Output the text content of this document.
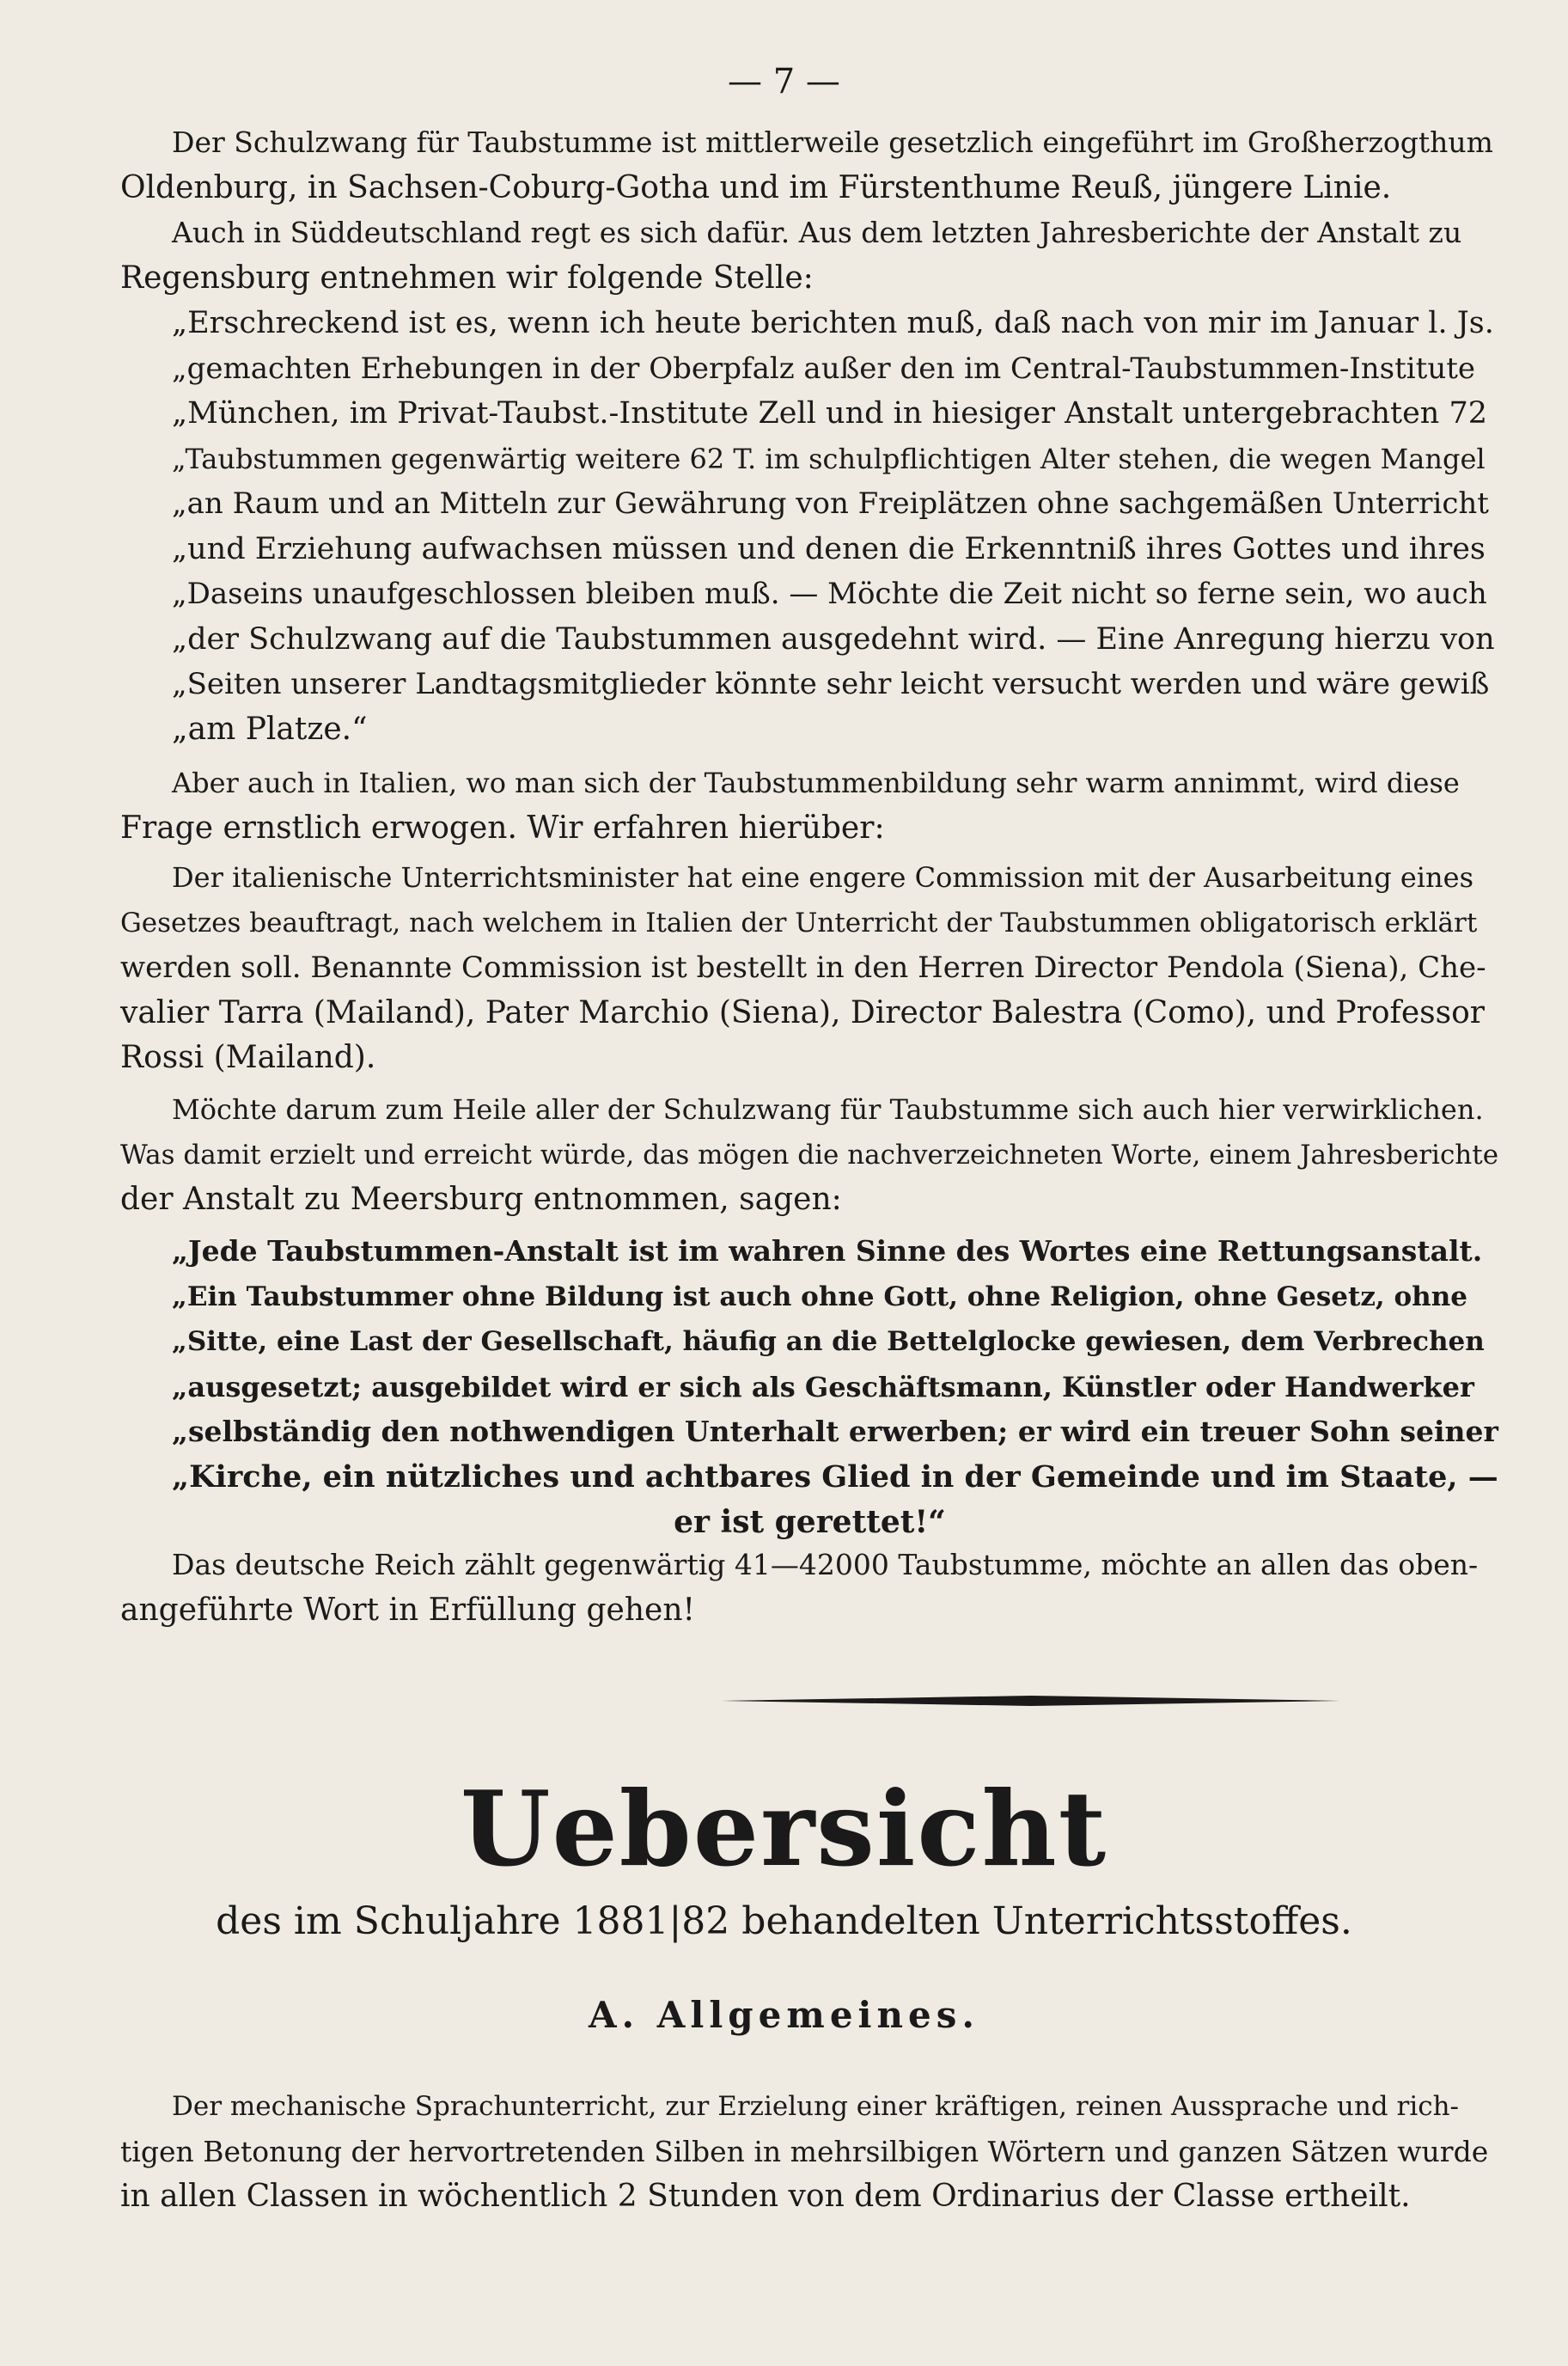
— 7 —
Der Schulzwang für Taubstumme ist mittlerweile gesetzlich eingeführt im Großherzogthum
Oldenburg, in Sachsen-Coburg-Gotha und im Fürstenthume Reuß, jüngere Linie.
Auch in Süddeutschland regt es sich dafür. Aus dem letzten Jahresberichte der Anstalt zu
Regensburg entnehmen wir folgende Stelle:
„Erschreckend ist es, wenn ich heute berichten muß, daß nach von mir im Januar l. Js.
„gemachten Erhebungen in der Oberpfalz außer den im Central-Taubstummen-Institute
„München, im Privat-Taubst.-Institute Zell und in hiesiger Anstalt untergebrachten 72
„Taubstummen gegenwärtig weitere 62 T. im schulpflichtigen Alter stehen, die wegen Mangel
„an Raum und an Mitteln zur Gewährung von Freiplätzen ohne sachgemäßen Unterricht
„und Erziehung aufwachsen müssen und denen die Erkenntniß ihres Gottes und ihres
„Daseins unaufgeschlossen bleiben muß. — Möchte die Zeit nicht so ferne sein, wo auch
„der Schulzwang auf die Taubstummen ausgedehnt wird. — Eine Anregung hierzu von
„Seiten unserer Landtagsmitglieder könnte sehr leicht versucht werden und wäre gewiß
„am Platze.“
Aber auch in Italien, wo man sich der Taubstummenbildung sehr warm annimmt, wird diese
Frage ernstlich erwogen. Wir erfahren hierüber:
Der italienische Unterrichtsminister hat eine engere Commission mit der Ausarbeitung eines
Gesetzes beauftragt, nach welchem in Italien der Unterricht der Taubstummen obligatorisch erklärt
werden soll. Benannte Commission ist bestellt in den Herren Director Pendola (Siena), Che-
valier Tarra (Mailand), Pater Marchio (Siena), Director Balestra (Como), und Professor
Rossi (Mailand).
Möchte darum zum Heile aller der Schulzwang für Taubstumme sich auch hier verwirklichen.
Was damit erzielt und erreicht würde, das mögen die nachverzeichneten Worte, einem Jahresberichte
der Anstalt zu Meersburg entnommen, sagen:
„Jede Taubstummen-Anstalt ist im wahren Sinne des Wortes eine Rettungsanstalt.
„Ein Taubstummer ohne Bildung ist auch ohne Gott, ohne Religion, ohne Gesetz, ohne
„Sitte, eine Last der Gesellschaft, häufig an die Bettelglocke gewiesen, dem Verbrechen
„ausgesetzt; ausgebildet wird er sich als Geschäftsmann, Künstler oder Handwerker
„selbständig den nothwendigen Unterhalt erwerben; er wird ein treuer Sohn seiner
„Kirche, ein nützliches und achtbares Glied in der Gemeinde und im Staate, —
er ist gerettet!“
Das deutsche Reich zählt gegenwärtig 41—42000 Taubstumme, möchte an allen das oben-
angeführte Wort in Erfüllung gehen!
Uebersicht
des im Schuljahre 1881|82 behandelten Unterrichtsstoffes.
A. Allgemeines.
Der mechanische Sprachunterricht, zur Erzielung einer kräftigen, reinen Aussprache und rich-
tigen Betonung der hervortretenden Silben in mehrsilbigen Wörtern und ganzen Sätzen wurde
in allen Classen in wöchentlich 2 Stunden von dem Ordinarius der Classe ertheilt.
